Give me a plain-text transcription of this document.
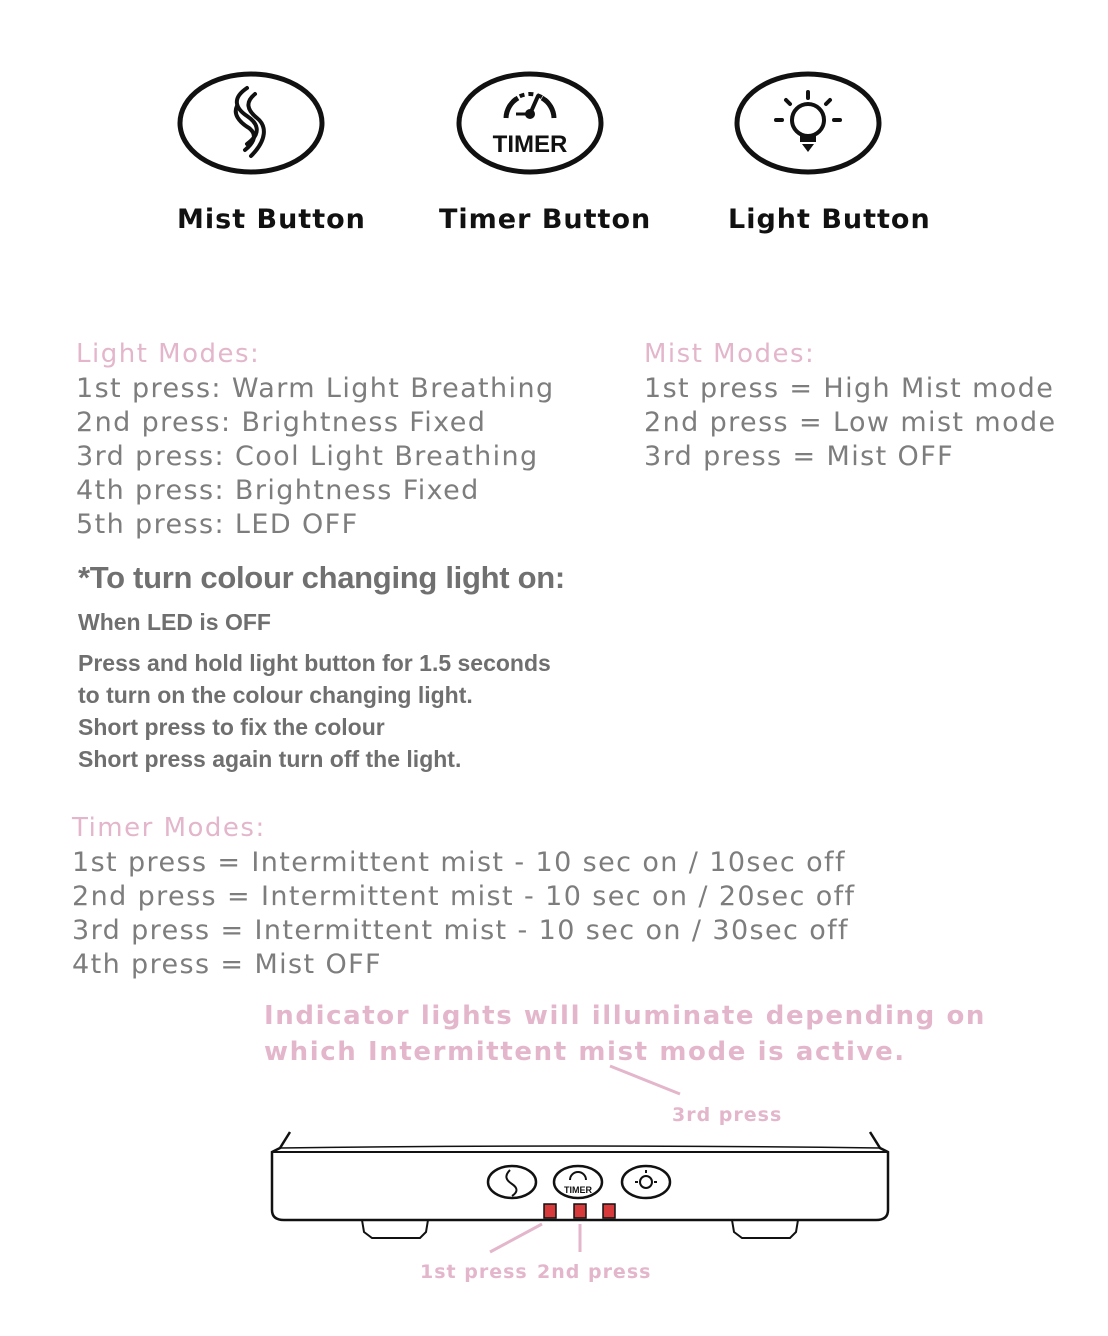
TIMER
Mist Button	Timer Button	Light Button
Light Modes:
1st press: Warm Light Breathing
2nd press: Brightness Fixed
3rd press: Cool Light Breathing
4th press: Brightness Fixed
5th press: LED OFF
Mist Modes:
1st press = High Mist mode
2nd press = Low mist mode
3rd press = Mist OFF
*To turn colour changing light on:
When LED is OFF
Press and hold light button for 1.5 seconds
to turn on the colour changing light.
Short press to fix the colour
Short press again turn off the light.
Timer Modes:
1st press = Intermittent mist - 10 sec on / 10sec off
2nd press = Intermittent mist - 10 sec on / 20sec off
3rd press = Intermittent mist - 10 sec on / 30sec off
4th press = Mist OFF
Indicator lights will illuminate depending on
which Intermittent mist mode is active.
TIMER
3rd press
1st press 2nd press
